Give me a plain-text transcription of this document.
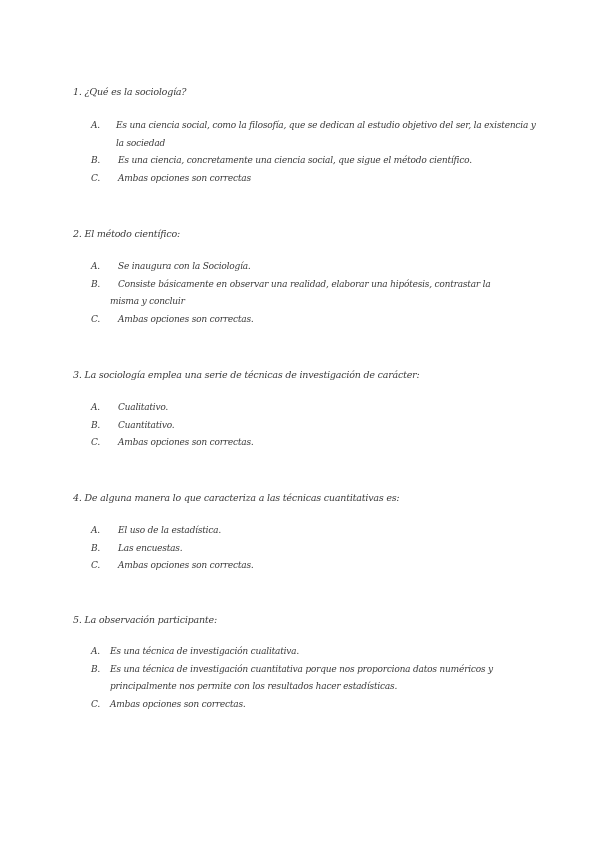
1. ¿Qué es la sociología?
A. Es una ciencia social, como la filosofía, que se dedican al estudio objetivo del ser, la existencia y la sociedad
B. Es una ciencia, concretamente una ciencia social, que sigue el método científico.
C. Ambas opciones son correctas
2. El método científico:
A. Se inaugura con la Sociología.
B.	Consiste básicamente en observar una realidad, elaborar una hipótesis, contrastar la misma y concluir
C. Ambas opciones son correctas.
3. La sociología emplea una serie de técnicas de investigación de carácter:
A. Cualitativo.
B. Cuantitativo.
C. Ambas opciones son correctas.
4. De alguna manera lo que caracteriza a las técnicas cuantitativas es:
A. El uso de la estadística.
B. Las encuestas.
C. Ambas opciones son correctas.
5. La observación participante:
A. Es una técnica de investigación cualitativa.
B. Es una técnica de investigación cuantitativa porque nos proporciona datos numéricos y principalmente nos permite con los resultados hacer estadísticas.
C. Ambas opciones son correctas.
